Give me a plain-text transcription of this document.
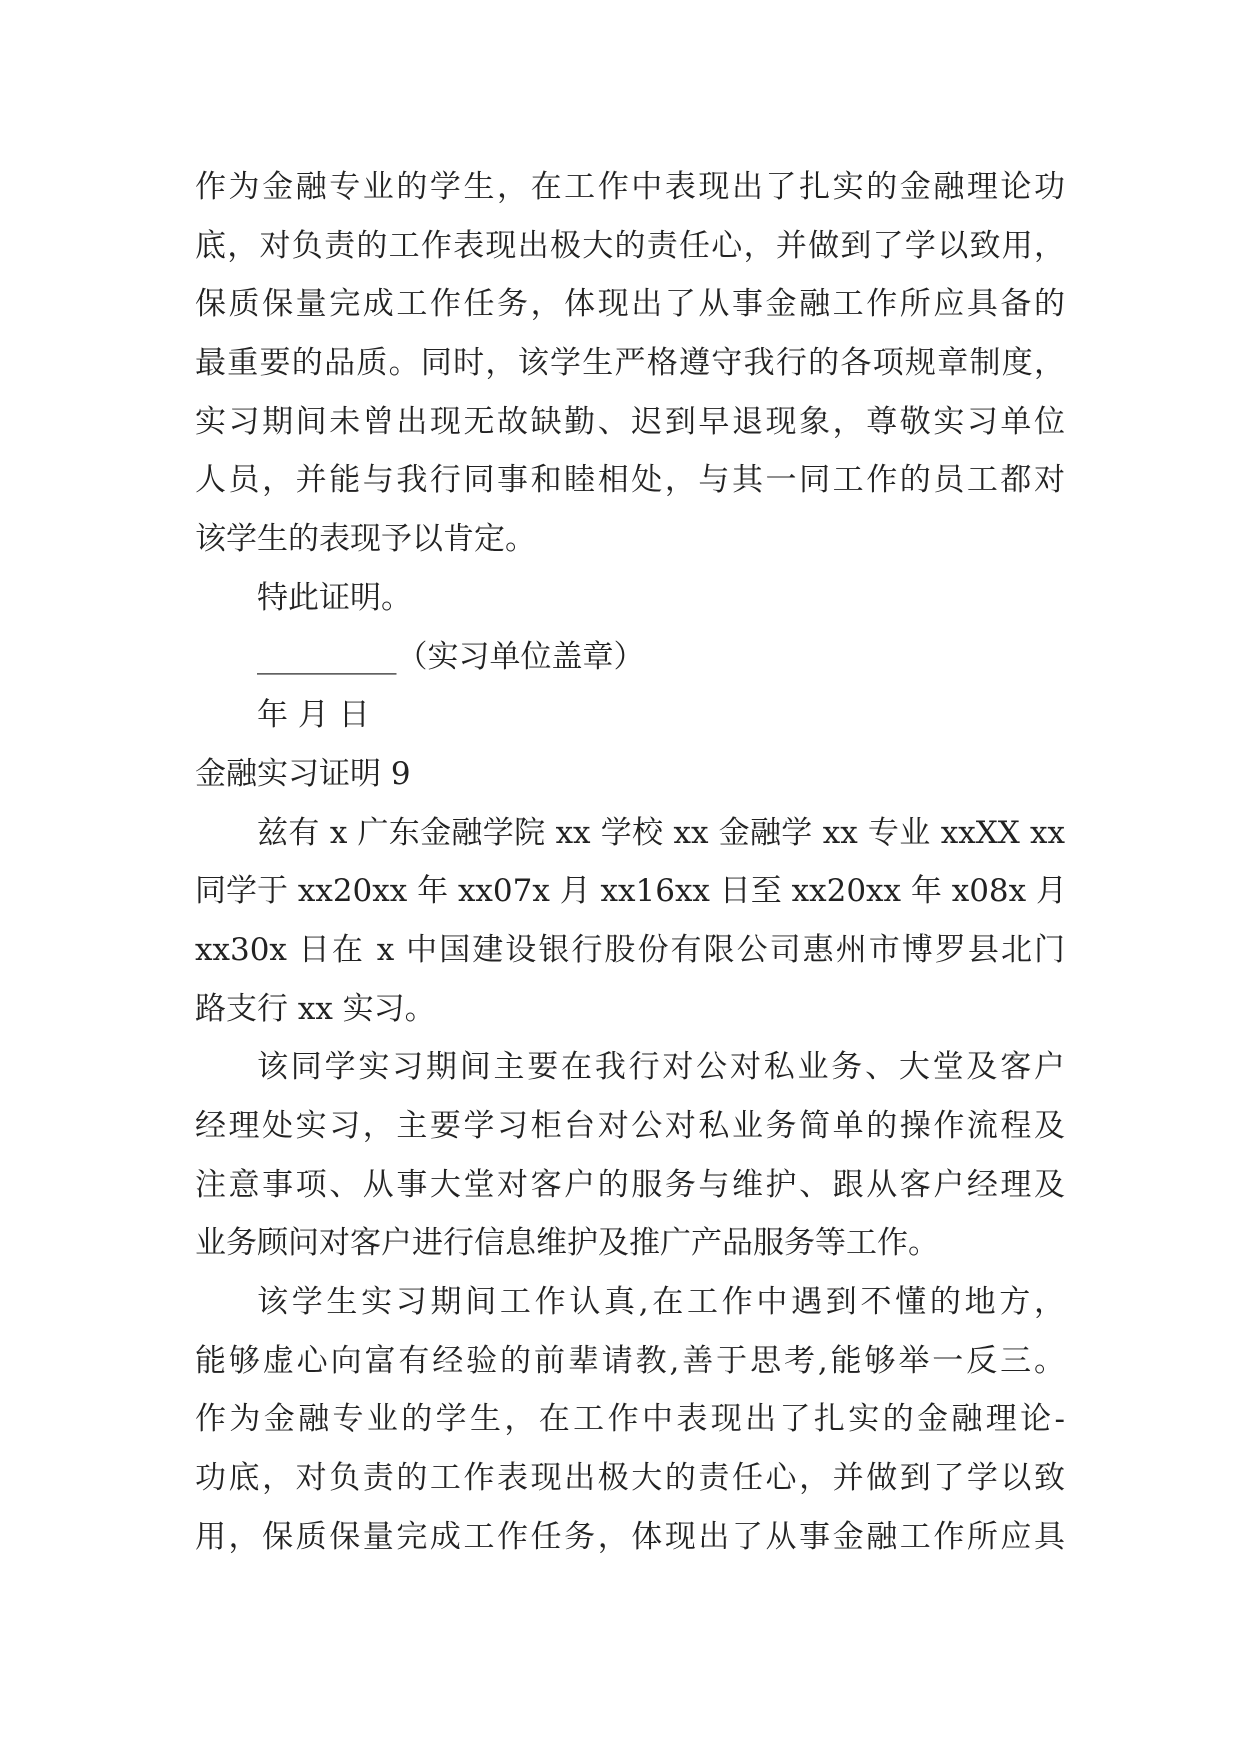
作为金融专业的学生，在工作中表现出了扎实的金融理论功
底，对负责的工作表现出极大的责任心，并做到了学以致用，
保质保量完成工作任务，体现出了从事金融工作所应具备的
最重要的品质。同时，该学生严格遵守我行的各项规章制度，
实习期间未曾出现无故缺勤、迟到早退现象，尊敬实习单位
人员，并能与我行同事和睦相处，与其一同工作的员工都对
该学生的表现予以肯定。
特此证明。
_________（实习单位盖章）
年 月 日
金融实习证明 9
兹有 x 广东金融学院 xx 学校 xx 金融学 xx 专业 xxXX xx
同学于 xx20xx 年 xx07x 月 xx16xx 日至 xx20xx 年 x08x 月
xx30x 日在 x 中国建设银行股份有限公司惠州市博罗县北门
路支行 xx 实习。
该同学实习期间主要在我行对公对私业务、大堂及客户
经理处实习，主要学习柜台对公对私业务简单的操作流程及
注意事项、从事大堂对客户的服务与维护、跟从客户经理及
业务顾问对客户进行信息维护及推广产品服务等工作。
该学生实习期间工作认真,在工作中遇到不懂的地方，
能够虚心向富有经验的前辈请教,善于思考,能够举一反三。
作为金融专业的学生，在工作中表现出了扎实的金融理论-
功底，对负责的工作表现出极大的责任心，并做到了学以致
用，保质保量完成工作任务，体现出了从事金融工作所应具
